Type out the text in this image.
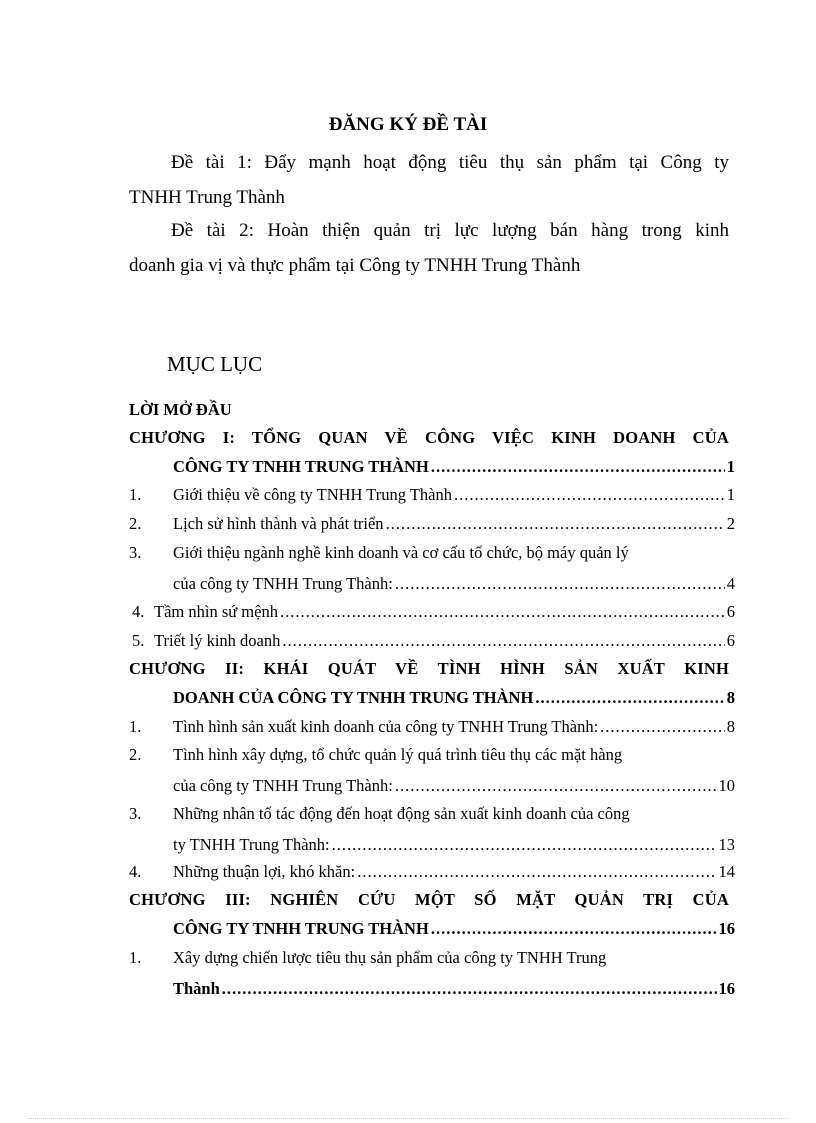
ĐĂNG KÝ ĐỀ TÀI
Đề tài 1: Đẩy mạnh hoạt động tiêu thụ sản phẩm tại Công ty
TNHH Trung Thành
Đề tài 2: Hoàn thiện quản trị lực lượng bán hàng trong kinh
doanh gia vị và thực phẩm tại Công ty TNHH Trung Thành
MỤC LỤC
LỜI MỞ ĐẦU
CHƯƠNG I: TỔNG QUAN VỀ CÔNG VIỆC KINH DOANH CỦA
CÔNG TY TNHH TRUNG THÀNH .....	1
1.	Giới thiệu về công ty TNHH Trung Thành .....	1
2.	Lịch sử hình thành và phát triển .....	2
3.	Giới thiệu ngành nghề kinh doanh và cơ cấu tổ chức, bộ máy quản lý
của công ty TNHH Trung Thành: .....	4
4. Tầm nhìn sứ mệnh .....	6
5. Triết lý kinh doanh .....	6
CHƯƠNG II: KHÁI QUÁT VỀ TÌNH HÌNH SẢN XUẤT KINH
DOANH CỦA CÔNG TY TNHH TRUNG THÀNH .....	8
1.	Tình hình sản xuất kinh doanh của công ty TNHH Trung Thành: .....	8
2.	Tình hình xây dựng, tổ chức quản lý quá trình tiêu thụ các mặt hàng
của công ty TNHH Trung Thành: .....	10
3.	Những nhân tố tác động đến hoạt động sản xuất kinh doanh của công
ty TNHH Trung Thành: .....	13
4.	Những thuận lợi, khó khăn: .....	14
CHƯƠNG III: NGHIÊN CỨU MỘT SỐ MẶT QUẢN TRỊ CỦA
CÔNG TY TNHH TRUNG THÀNH .....	16
1.	Xây dựng chiến lược tiêu thụ sản phẩm của công ty TNHH Trung
Thành .....	16
